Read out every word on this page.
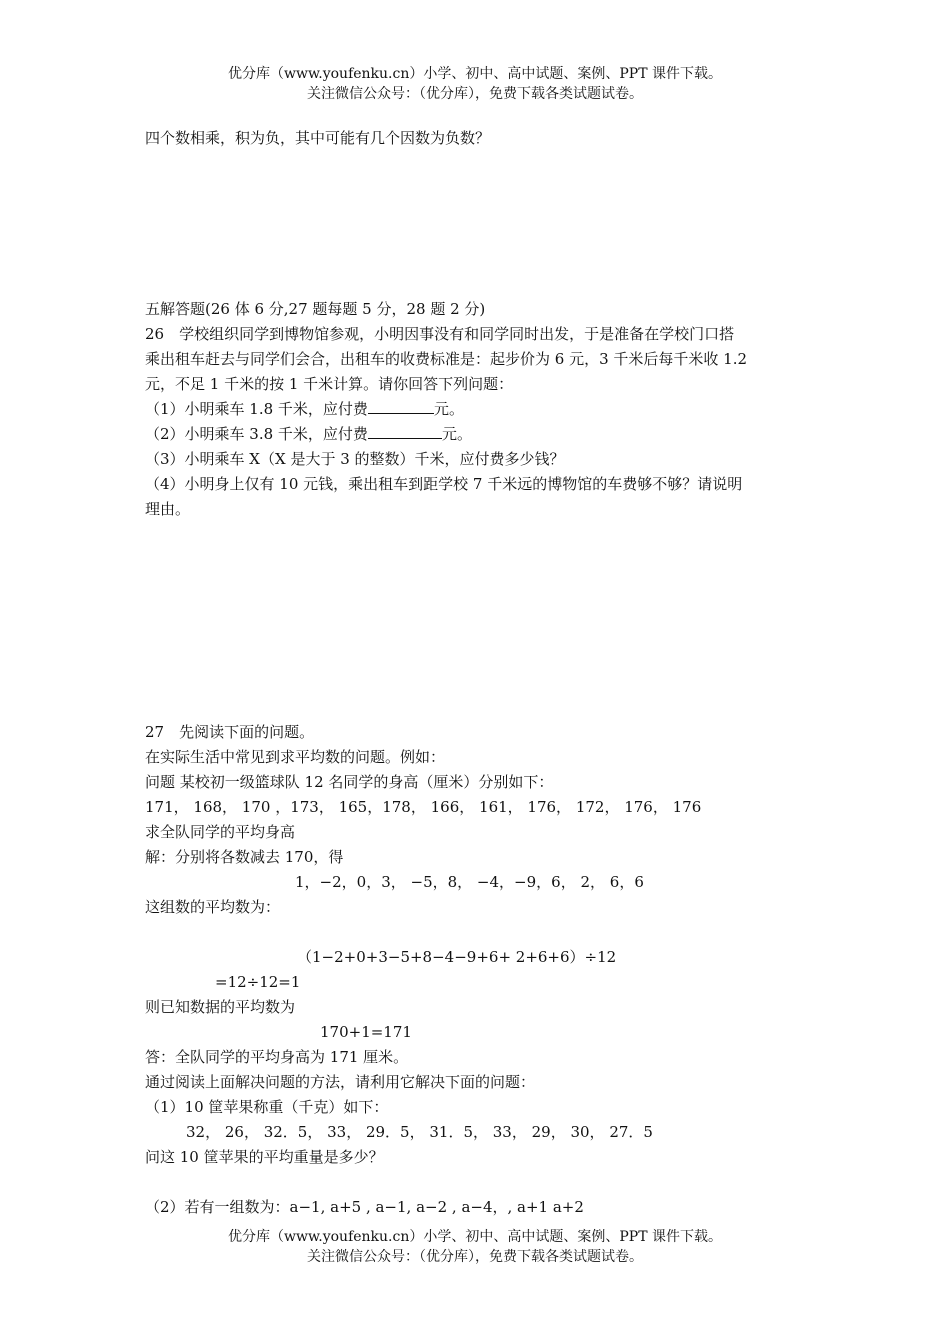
优分库（www.youfenku.cn）小学、初中、高中试题、案例、PPT 课件下载。
关注微信公众号：（优分库），免费下载各类试题试卷。
四个数相乘，积为负，其中可能有几个因数为负数？
五解答题(26 体 6 分,27 题每题 5 分，28 题 2 分)
26　学校组织同学到博物馆参观，小明因事没有和同学同时出发，于是准备在学校门口搭
乘出租车赶去与同学们会合，出租车的收费标准是：起步价为 6 元，3 千米后每千米收 1.2
元，不足 1 千米的按 1 千米计算。请你回答下列问题：
（1）小明乘车 1.8 千米，应付费	元。
（2）小明乘车 3.8 千米，应付费	元。
（3）小明乘车 X（X 是大于 3 的整数）千米，应付费多少钱？
（4）小明身上仅有 10 元钱，乘出租车到距学校 7 千米远的博物馆的车费够不够？请说明
理由。
27　先阅读下面的问题。
在实际生活中常见到求平均数的问题。例如：
问题 某校初一级篮球队 12 名同学的身高（厘米）分别如下：
171， 168， 170 ，173， 165，178， 166， 161， 176， 172， 176， 176
求全队同学的平均身高
解：分别将各数减去 170，得
1，−2，0，3， −5，8， −4，−9，6， 2， 6，6
这组数的平均数为：
（1−2+0+3−5+8−4−9+6+ 2+6+6）÷12
=12÷12=1
则已知数据的平均数为
170+1=171
答：全队同学的平均身高为 171 厘米。
通过阅读上面解决问题的方法，请利用它解决下面的问题：
（1）10 筐苹果称重（千克）如下：
32， 26， 32．5， 33， 29．5， 31．5， 33， 29， 30， 27．5
问这 10 筐苹果的平均重量是多少？
（2）若有一组数为：a−1, a+5 , a−1, a−2 , a−4，, a+1 a+2
优分库（www.youfenku.cn）小学、初中、高中试题、案例、PPT 课件下载。
关注微信公众号：（优分库），免费下载各类试题试卷。
